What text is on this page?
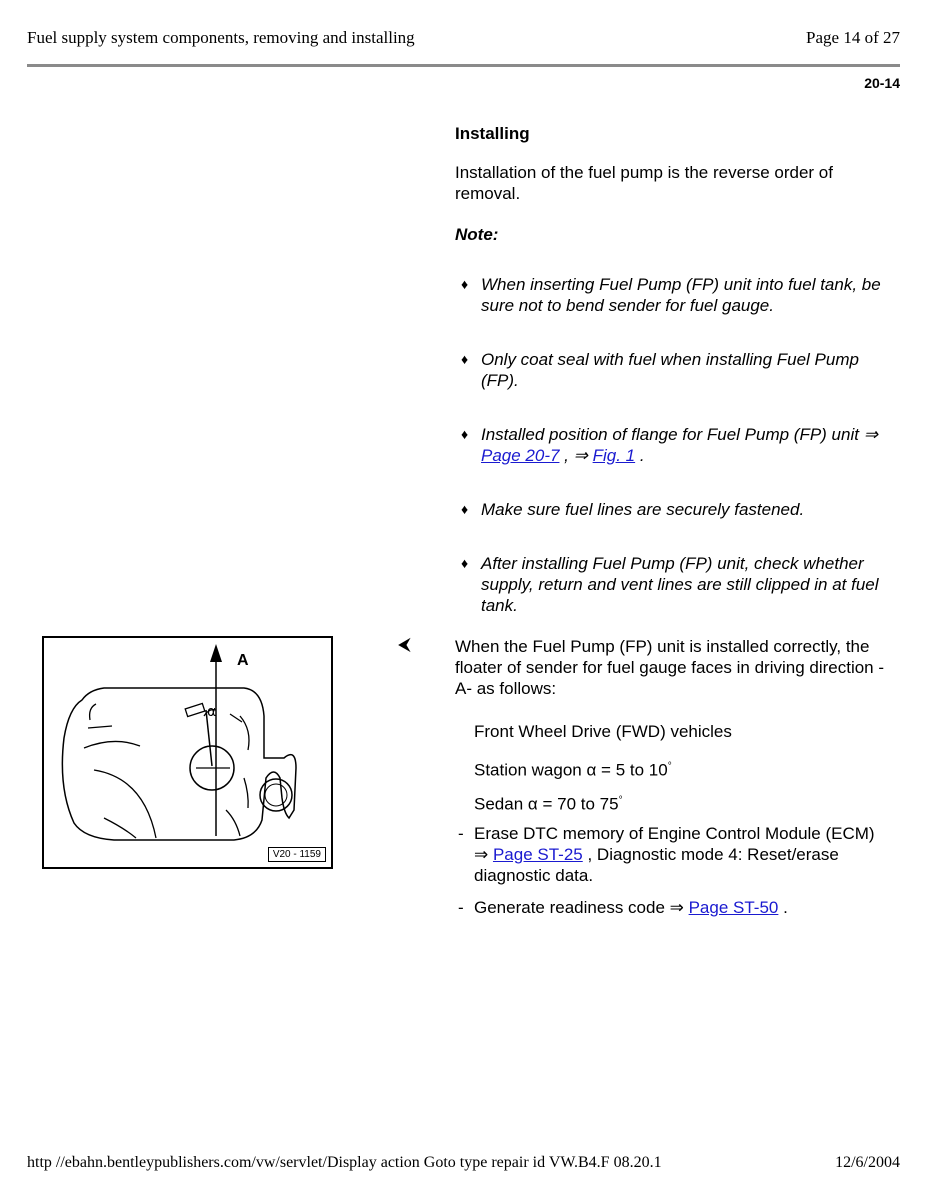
Fuel supply system components, removing and installing	Page 14 of 27
20-14
Installing
Installation of the fuel pump is the reverse order of removal.
Note:
♦ When inserting Fuel Pump (FP) unit into fuel tank, be sure not to bend sender for fuel gauge.
♦ Only coat seal with fuel when installing Fuel Pump (FP).
♦ Installed position of flange for Fuel Pump (FP) unit ⇒ Page 20-7 , ⇒ Fig. 1 .
♦ Make sure fuel lines are securely fastened.
♦ After installing Fuel Pump (FP) unit, check whether supply, return and vent lines are still clipped in at fuel tank.
A
α
V20 - 1159
⮜	When the Fuel Pump (FP) unit is installed correctly, the floater of sender for fuel gauge faces in driving direction -A- as follows:
Front Wheel Drive (FWD) vehicles
Station wagon α = 5 to 10°
Sedan α = 70 to 75°
- Erase DTC memory of Engine Control Module (ECM) ⇒ Page ST-25 , Diagnostic mode 4: Reset/erase diagnostic data.
- Generate readiness code ⇒ Page ST-50 .
http //ebahn.bentleypublishers.com/vw/servlet/Display action Goto type repair id VW.B4.F 08.20.1	12/6/2004
